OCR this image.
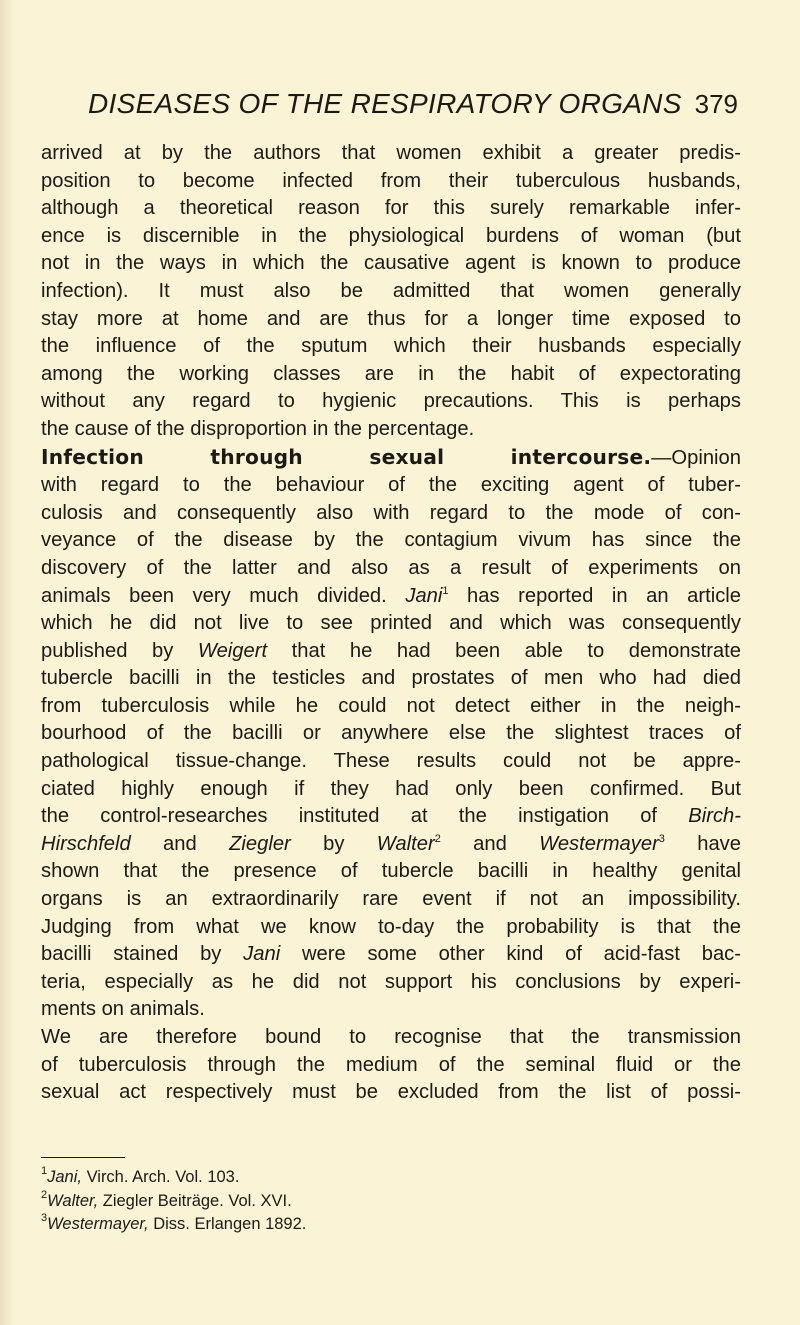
DISEASES OF THE RESPIRATORY ORGANS 379
arrived at by the authors that women exhibit a greater predis-
position to become infected from their tuberculous husbands,
although a theoretical reason for this surely remarkable infer-
ence is discernible in the physiological burdens of woman (but
not in the ways in which the causative agent is known to produce
infection). It must also be admitted that women generally
stay more at home and are thus for a longer time exposed to
the influence of the sputum which their husbands especially
among the working classes are in the habit of expectorating
without any regard to hygienic precautions. This is perhaps
the cause of the disproportion in the percentage.
Infection through sexual intercourse.—Opinion
with regard to the behaviour of the exciting agent of tuber-
culosis and consequently also with regard to the mode of con-
veyance of the disease by the contagium vivum has since the
discovery of the latter and also as a result of experiments on
animals been very much divided. Jani$^1$ has reported in an article
which he did not live to see printed and which was consequently
published by Weigert that he had been able to demonstrate
tubercle bacilli in the testicles and prostates of men who had died
from tuberculosis while he could not detect either in the neigh-
bourhood of the bacilli or anywhere else the slightest traces of
pathological tissue-change. These results could not be appre-
ciated highly enough if they had only been confirmed. But
the control-researches instituted at the instigation of Birch-
Hirschfeld and Ziegler by Walter$^2$ and Westermayer$^3$ have
shown that the presence of tubercle bacilli in healthy genital
organs is an extraordinarily rare event if not an impossibility.
Judging from what we know to-day the probability is that the
bacilli stained by Jani were some other kind of acid-fast bac-
teria, especially as he did not support his conclusions by experi-
ments on animals.
We are therefore bound to recognise that the transmission
of tuberculosis through the medium of the seminal fluid or the
sexual act respectively must be excluded from the list of possi-
$^1$Jani, Virch. Arch. Vol. 103.
$^2$Walter, Ziegler Beiträge. Vol. XVI.
$^3$Westermayer, Diss. Erlangen 1892.
